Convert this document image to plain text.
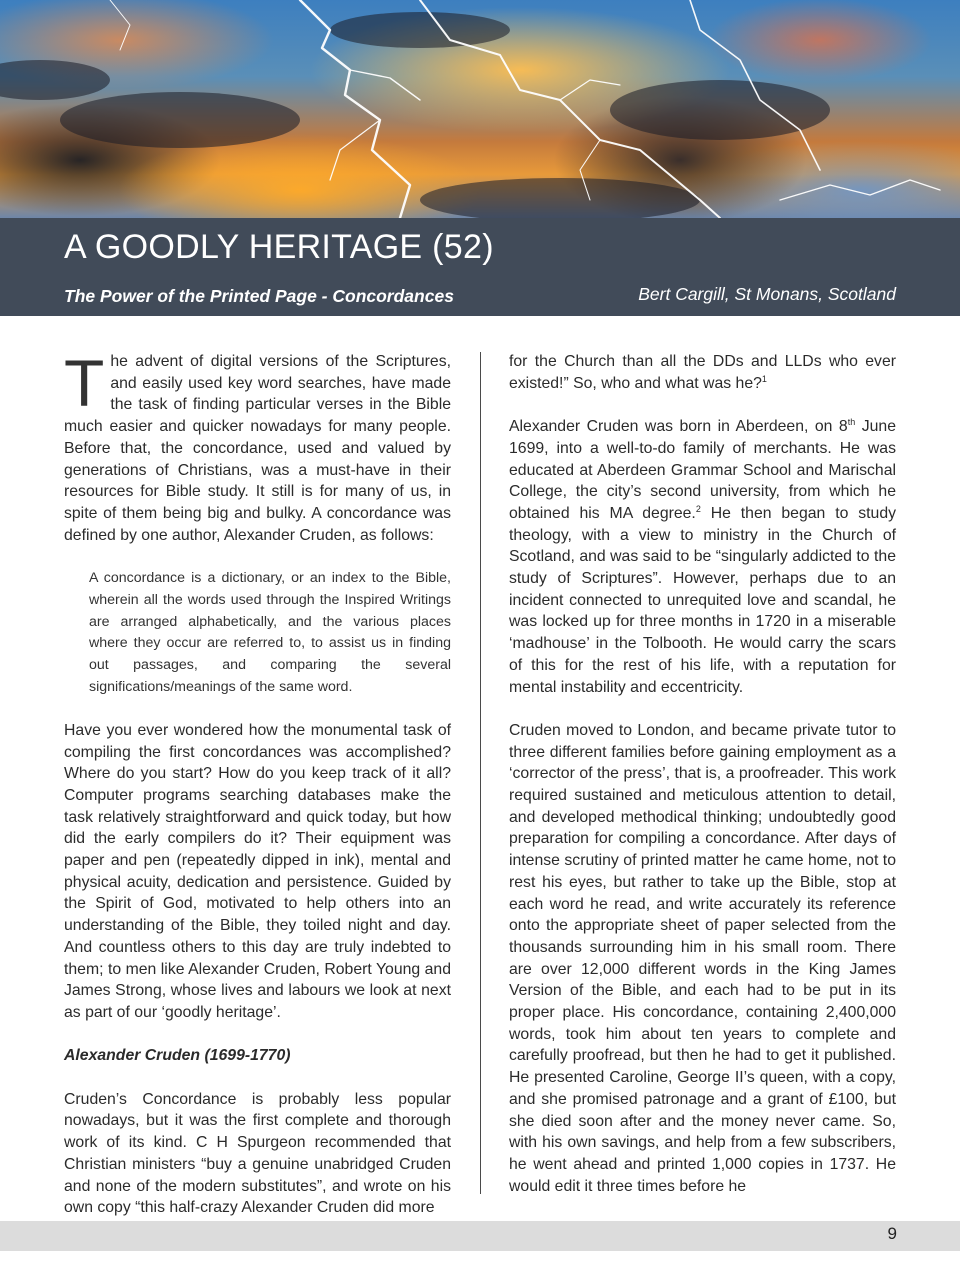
A GOODLY HERITAGE (52)
The Power of the Printed Page - Concordances	Bert Cargill, St Monans, Scotland

The advent of digital versions of the Scriptures, and easily used key word searches, have made the task of finding particular verses in the Bible much easier and quicker nowadays for many people. Before that, the concordance, used and valued by generations of Christians, was a must-have in their resources for Bible study. It still is for many of us, in spite of them being big and bulky. A concordance was defined by one author, Alexander Cruden, as follows:

A concordance is a dictionary, or an index to the Bible, wherein all the words used through the Inspired Writings are arranged alphabetically, and the various places where they occur are referred to, to assist us in finding out passages, and comparing the several significations/meanings of the same word.

Have you ever wondered how the monumental task of compiling the first concordances was accomplished? Where do you start? How do you keep track of it all? Computer programs searching databases make the task relatively straightforward and quick today, but how did the early compilers do it? Their equipment was paper and pen (repeatedly dipped in ink), mental and physical acuity, dedication and persistence. Guided by the Spirit of God, motivated to help others into an understanding of the Bible, they toiled night and day. And countless others to this day are truly indebted to them; to men like Alexander Cruden, Robert Young and James Strong, whose lives and labours we look at next as part of our ‘goodly heritage’.

Alexander Cruden (1699-1770)

Cruden’s Concordance is probably less popular nowadays, but it was the first complete and thorough work of its kind. C H Spurgeon recommended that Christian ministers “buy a genuine unabridged Cruden and none of the modern substitutes”, and wrote on his own copy “this half-crazy Alexander Cruden did more

for the Church than all the DDs and LLDs who ever existed!” So, who and what was he?$^1$

Alexander Cruden was born in Aberdeen, on 8th June 1699, into a well-to-do family of merchants. He was educated at Aberdeen Grammar School and Marischal College, the city’s second university, from which he obtained his MA degree.$^2$ He then began to study theology, with a view to ministry in the Church of Scotland, and was said to be “singularly addicted to the study of Scriptures”. However, perhaps due to an incident connected to unrequited love and scandal, he was locked up for three months in 1720 in a miserable ‘madhouse’ in the Tolbooth. He would carry the scars of this for the rest of his life, with a reputation for mental instability and eccentricity.

Cruden moved to London, and became private tutor to three different families before gaining employment as a ‘corrector of the press’, that is, a proofreader. This work required sustained and meticulous attention to detail, and developed methodical thinking; undoubtedly good preparation for compiling a concordance. After days of intense scrutiny of printed matter he came home, not to rest his eyes, but rather to take up the Bible, stop at each word he read, and write accurately its reference onto the appropriate sheet of paper selected from the thousands surrounding him in his small room. There are over 12,000 different words in the King James Version of the Bible, and each had to be put in its proper place. His concordance, containing 2,400,000 words, took him about ten years to complete and carefully proofread, but then he had to get it published. He presented Caroline, George II’s queen, with a copy, and she promised patronage and a grant of £100, but she died soon after and the money never came. So, with his own savings, and help from a few subscribers, he went ahead and printed 1,000 copies in 1737. He would edit it three times before he

9
